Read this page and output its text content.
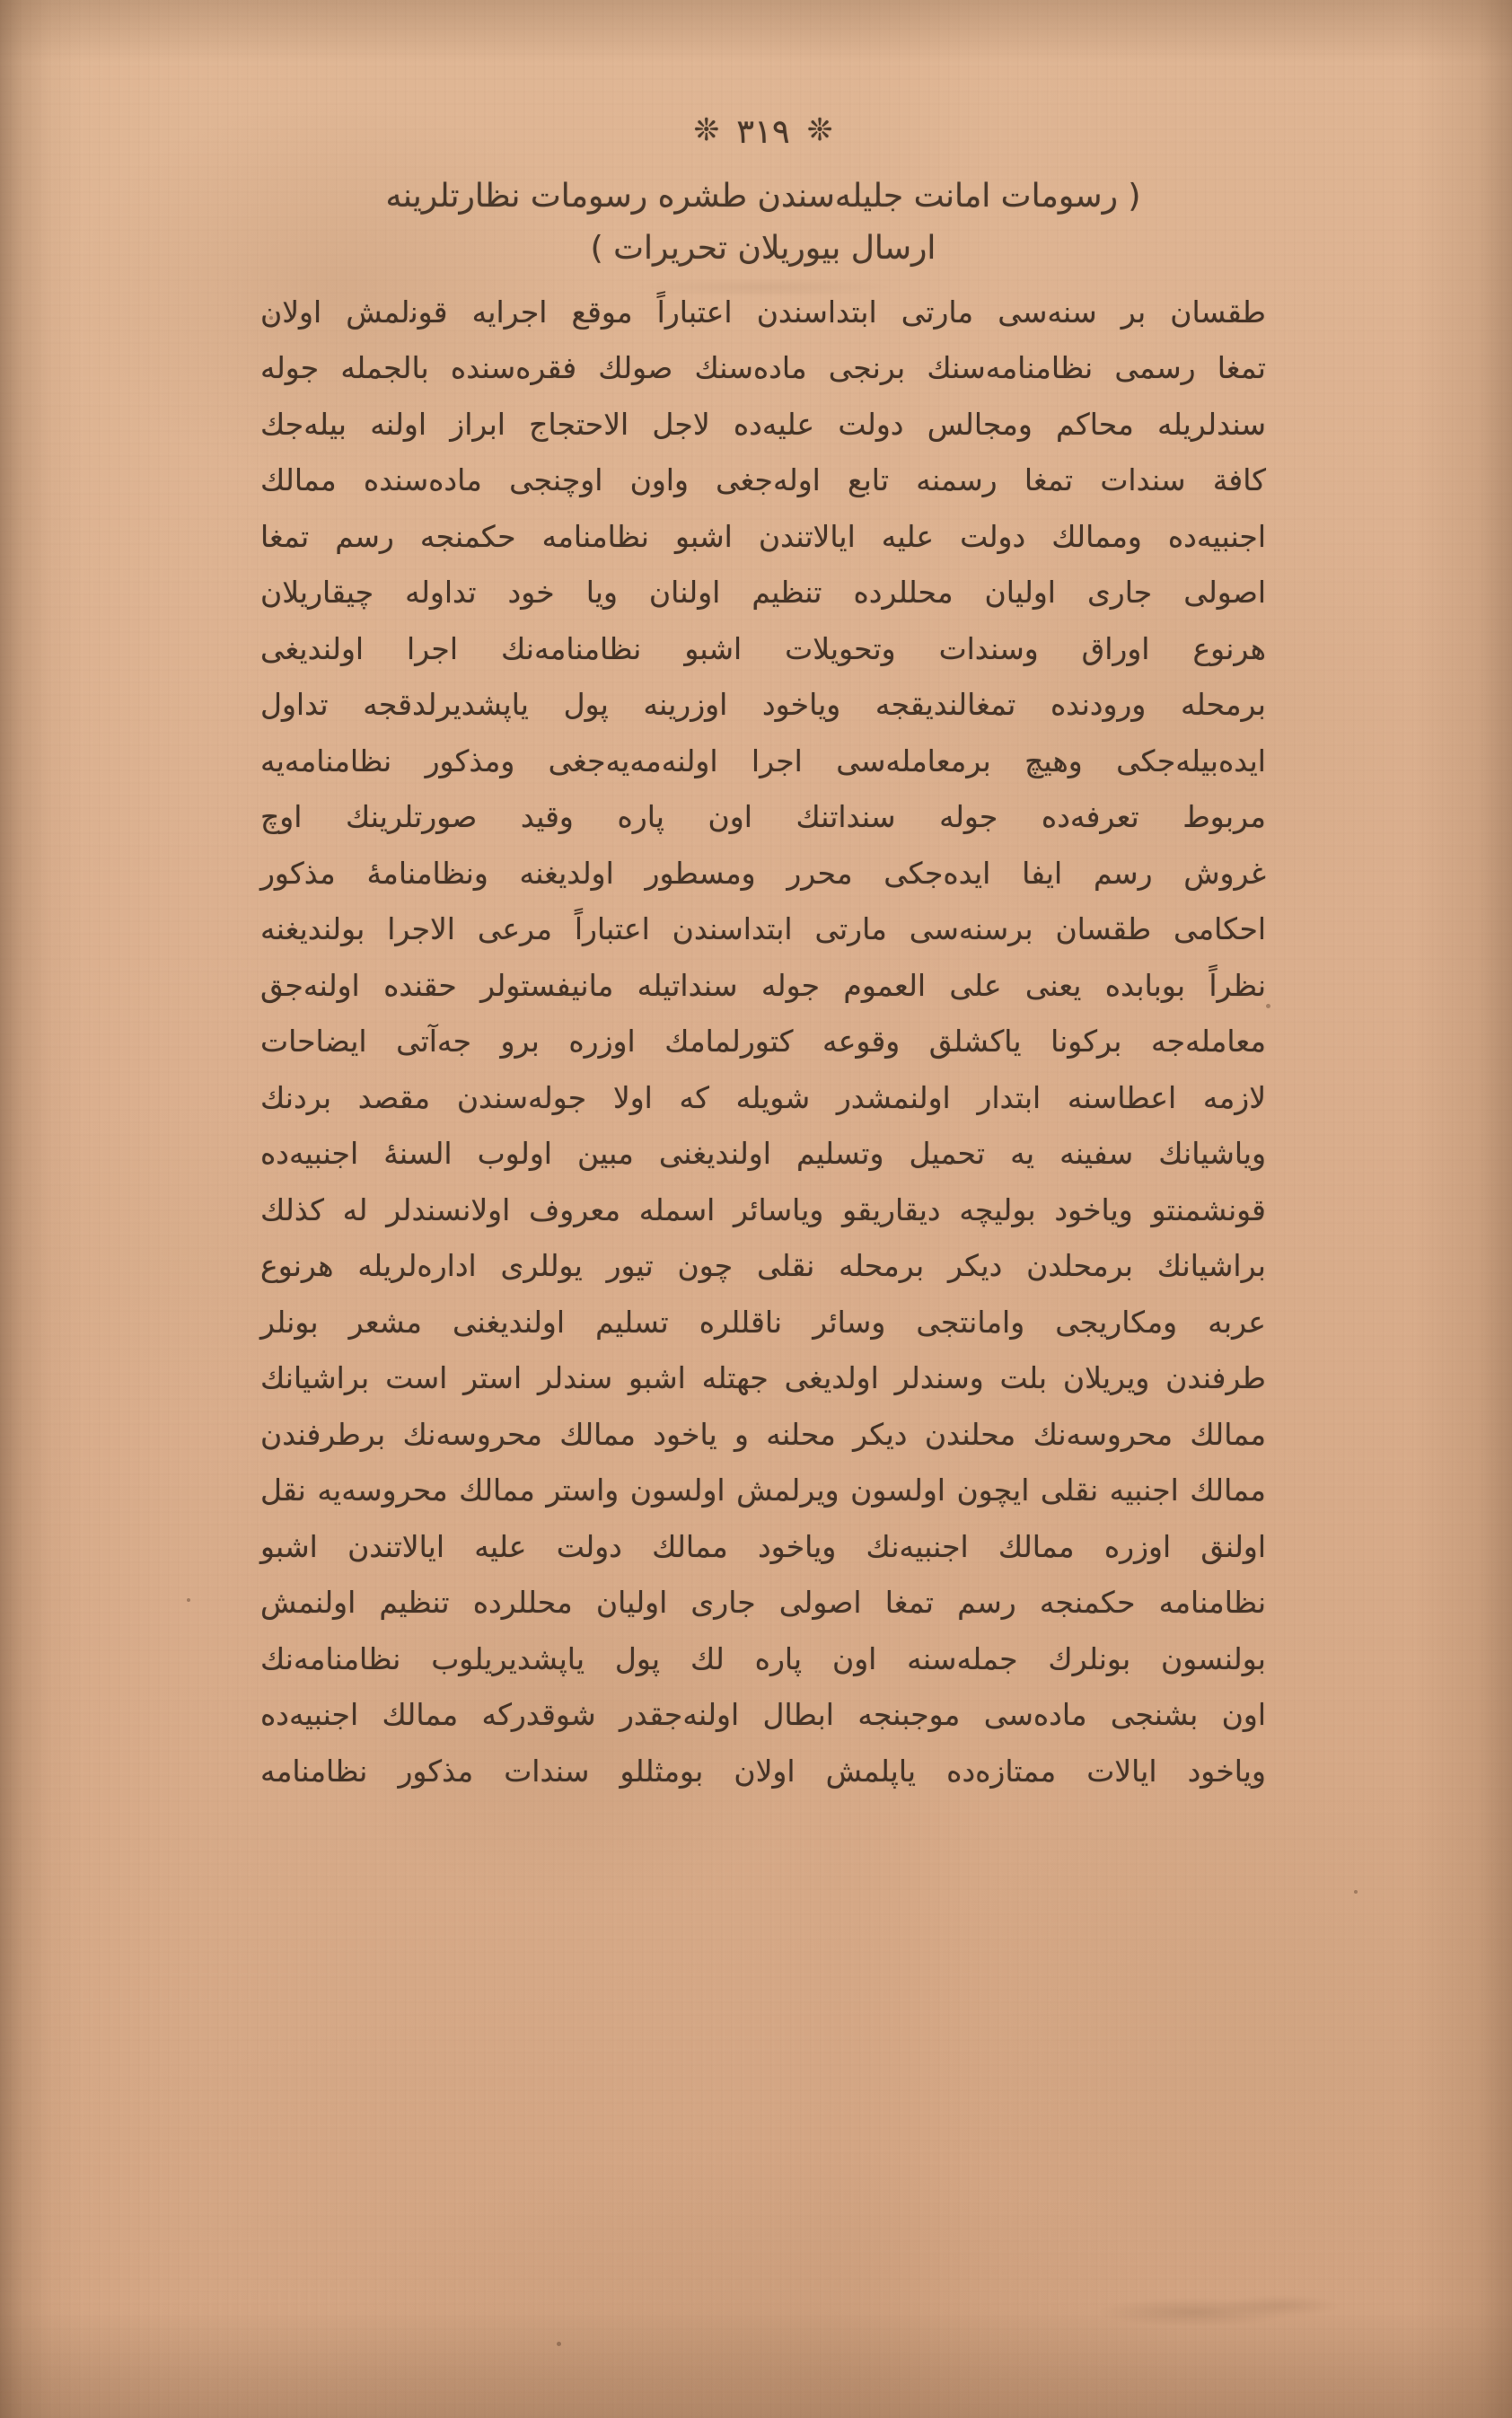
❊ ٣١٩ ❊
( رسومات امانت جليله‌سندن طشره رسومات نظارتلرينه
ارسال بيوريلان تحريرات )
طقسان بر سنه‌سى مارتى ابتداسندن اعتباراً موقع اجرايه قوﻧلمش اولان
تمغا رسمى نظامنامه‌سنك برنجى ماده‌سنك صولك فقره‌سنده بالجمله جوله
سندلريله محاكم ومجالس دولت عليه‌ده لاجل الاحتجاج ابراز اولنه بيله‌جك
كافة سندات تمغا رسمنه تابع اوله‌جغى واون اوچنجى ماده‌سنده ممالك
اجنبيه‌ده وممالك دولت عليه ايالاتندن اشبو نظامنامه حكمنجه رسم تمغا
اصولى جارى اوليان محللرده تنظيم اولنان ويا خود تداوله چيقاريلان
هرنوع اوراق وسندات وتحويلات اشبو نظامنامه‌نك اجرا اولنديغى
برمحله ورودنده تمغالنديقجه وياخود اوزرينه پول ياپشديرلدقجه تداول
ايده‌بيله‌جكى وهيچ برمعامله‌سى اجرا اولنه‌مه‌يه‌جغى ومذكور نظامنامه‌يه
مربوط تعرفه‌ده جوله سنداتنك اون پاره وقيد صورتلرينك اوچ
غروش رسم ايفا ايده‌جكى محرر ومسطور اولديغنه ونظامنامهٔ مذكور
احكامى طقسان برسنه‌سى مارتى ابتداسندن اعتباراً مرعى الاجرا بولنديغنه
نظراً بوبابده يعنى على العموم جوله سنداتيله مانيفستولر حقنده اولنه‌جق
معامله‌جه بركونا ياكشلق وقوعه كتورلمامك اوزره برو جه‌آتى ايضاحات
لازمه اعطاسنه ابتدار اولنمشدر شويله كه اولا جوله‌سندن مقصد بردنك
وياشيانك سفينه يه تحميل وتسليم اولنديغنى مبين اولوب السنهٔ اجنبيه‌ده
قونشمنتو وياخود بوليچه دیقاریقو وياسائر اسمله معروف اولانسندلر له كذلك
براشيانك برمحلدن ديكر برمحله نقلى چون تيور يوللرى ادارەلريله هرنوع
عربه وﻣﻜﺎرﻳﺠﻰ وامانتجى وسائر ناقللره تسليم اولنديغنى مشعر بونلر
طرفندن ويريلان بلت وسندلر اولديغى جهتله اشبو سندلر استر است براشيانك
ممالك محروسه‌نك محلندن ديكر محلنه و ياخود ممالك محروسه‌نك برطرفندن
ممالك اجنبيه نقلى ايچون اولسون ويرلمش اولسون واستر ممالك محروسه‌يه نقل
اولنق اوزره ممالك اجنبيه‌نك وياخود ممالك دولت عليه ايالاتندن اشبو
نظامنامه حكمنجه رسم تمغا اصولى جارى اوليان محللرده تنظيم اولنمش
بولنسون بونلرك جمله‌سنه اون پاره لك پول ياپشديريلوب نظامنامه‌نك
اون بشنجى ماده‌سى موجبنجه ابطال اولنه‌جقدر شوقدركه ممالك اجنبيه‌ده
وياخود ايالات ممتازه‌ده ياپلمش اولان بومثللو سندات مذكور نظامنامه
